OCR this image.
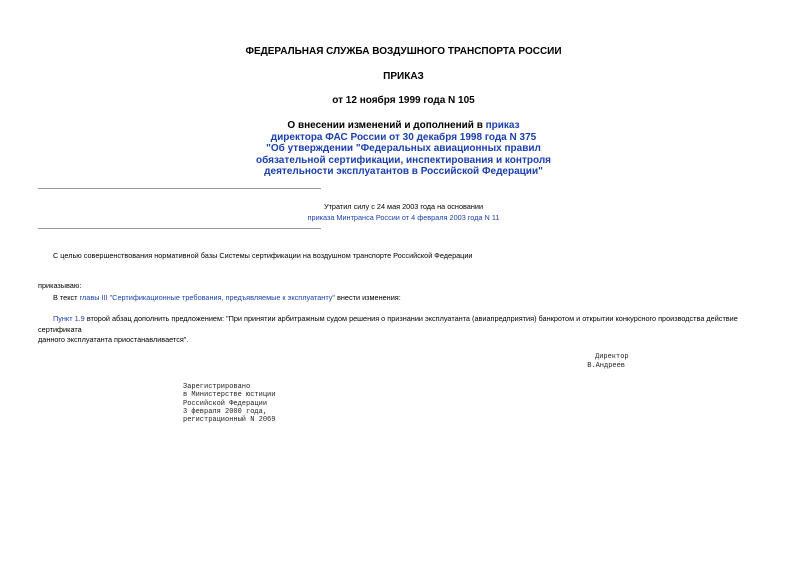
ФЕДЕРАЛЬНАЯ СЛУЖБА ВОЗДУШНОГО ТРАНСПОРТА РОССИИ
ПРИКАЗ
от 12 ноября 1999 года N 105
О внесении изменений и дополнений в приказ
директора ФАС России от 30 декабря 1998 года N 375
"Об утверждении "Федеральных авиационных правил
обязательной сертификации, инспектирования и контроля
деятельности эксплуатантов в Российской Федерации"
Утратил силу с 24 мая 2003 года на основании
приказа Минтранса России от 4 февраля 2003 года N 11
С целью совершенствования нормативной базы Системы сертификации на воздушном транспорте Российской Федерации
приказываю:
В текст главы III "Сертификационные требования, предъявляемые к эксплуатанту" внести изменения:
Пункт 1.9 второй абзац дополнить предложением: "При принятии арбитражным судом решения о признании эксплуатанта (авиапредприятия) банкротом и открытии конкурсного производства действие сертификата
данного эксплуатанта приостанавливается".
Директор
В.Андреев
Зарегистрировано
в Министерстве юстиции
Российской Федерации
3 февраля 2000 года,
регистрационный N 2069
